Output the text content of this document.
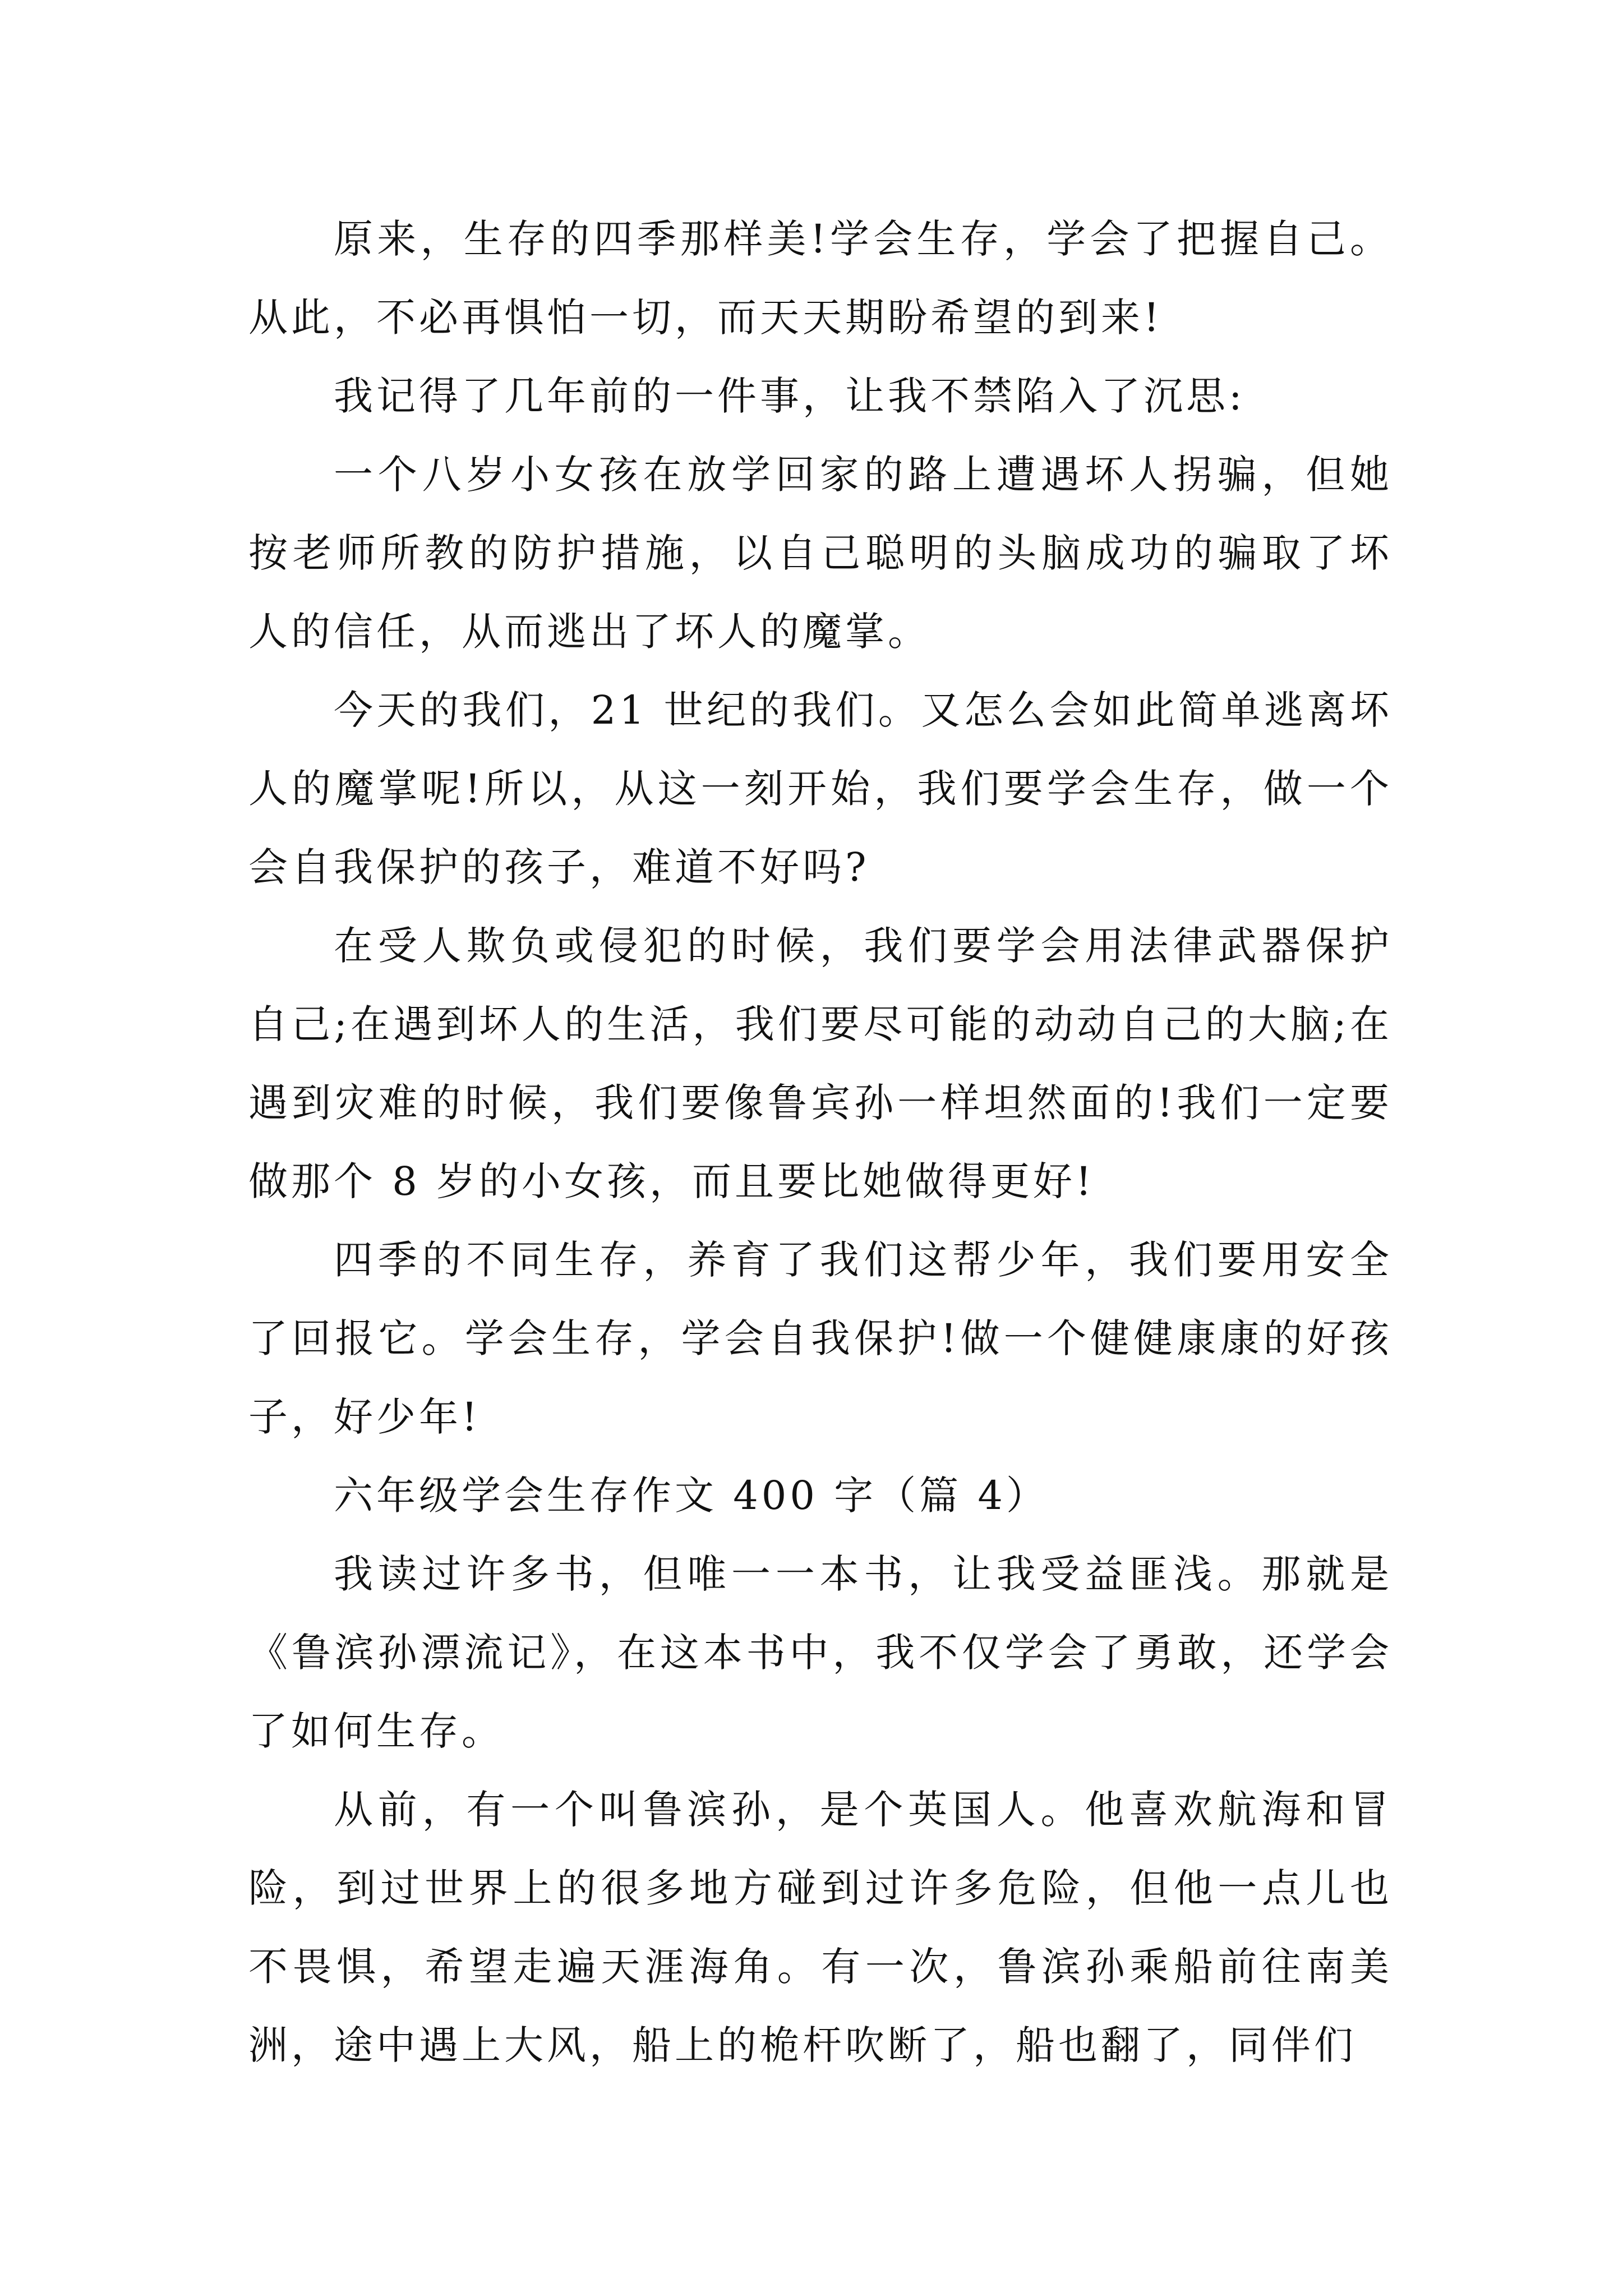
原来，生存的四季那样美!学会生存，学会了把握自己。从此，不必再惧怕一切，而天天期盼希望的到来!

我记得了几年前的一件事，让我不禁陷入了沉思:

一个八岁小女孩在放学回家的路上遭遇坏人拐骗，但她按老师所教的防护措施，以自己聪明的头脑成功的骗取了坏人的信任，从而逃出了坏人的魔掌。

今天的我们，21 世纪的我们。又怎么会如此简单逃离坏人的魔掌呢!所以，从这一刻开始，我们要学会生存，做一个会自我保护的孩子，难道不好吗?

在受人欺负或侵犯的时候，我们要学会用法律武器保护自己;在遇到坏人的生活，我们要尽可能的动动自己的大脑;在遇到灾难的时候，我们要像鲁宾孙一样坦然面的!我们一定要做那个 8 岁的小女孩，而且要比她做得更好!

四季的不同生存，养育了我们这帮少年，我们要用安全了回报它。学会生存，学会自我保护!做一个健健康康的好孩子，好少年!

六年级学会生存作文 400 字（篇 4）

我读过许多书，但唯一一本书，让我受益匪浅。那就是《鲁滨孙漂流记》，在这本书中，我不仅学会了勇敢，还学会了如何生存。

从前，有一个叫鲁滨孙，是个英国人。他喜欢航海和冒险，到过世界上的很多地方碰到过许多危险，但他一点儿也不畏惧，希望走遍天涯海角。有一次，鲁滨孙乘船前往南美洲，途中遇上大风，船上的桅杆吹断了，船也翻了，同伴们
